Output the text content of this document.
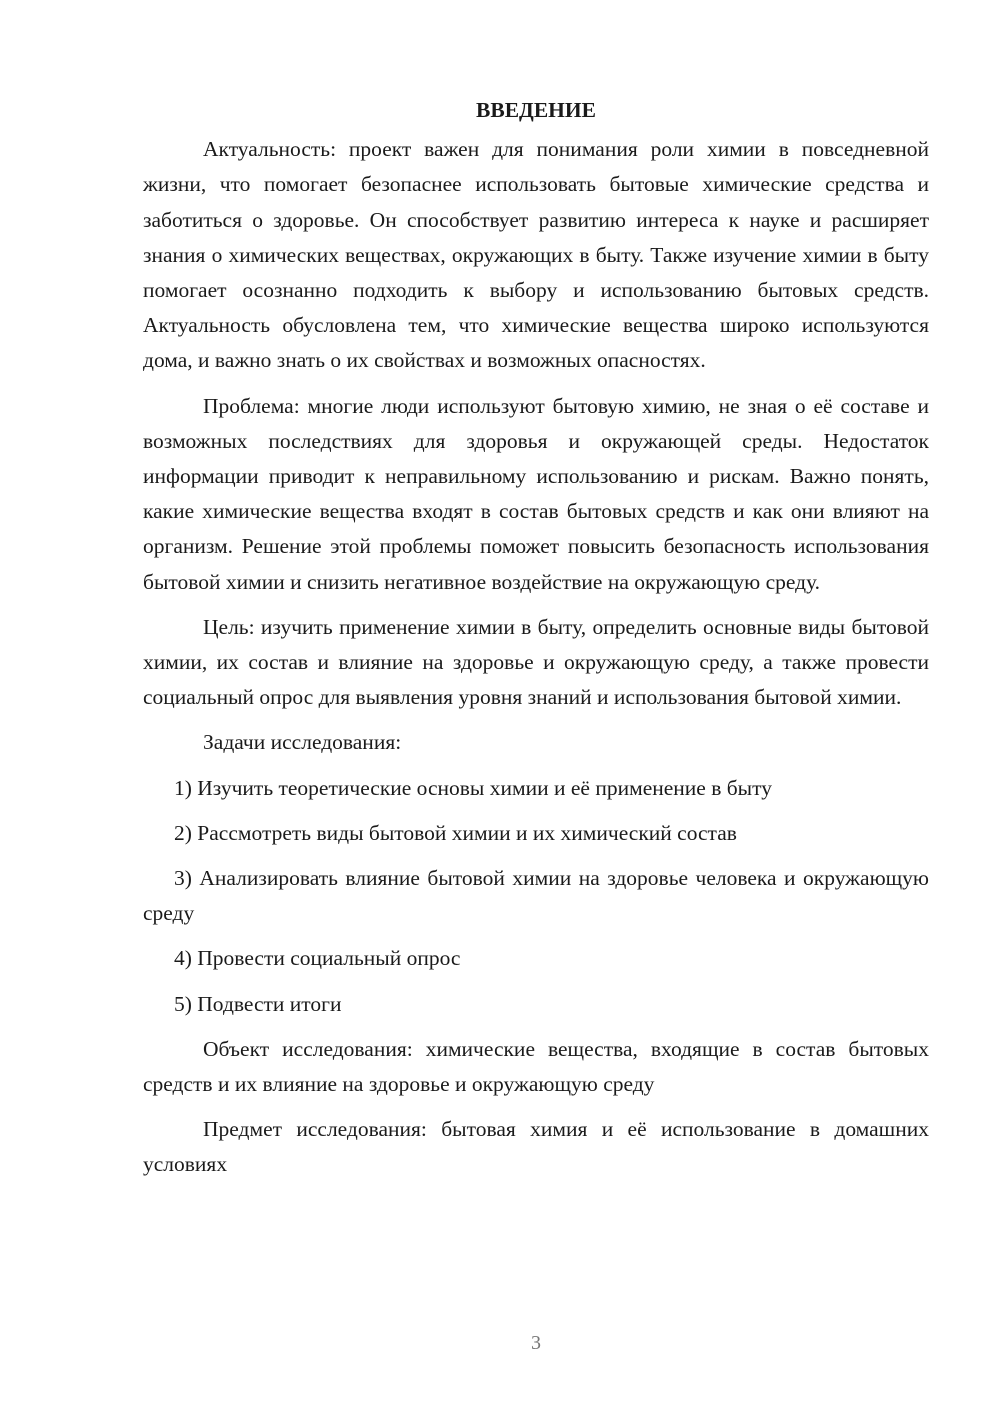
ВВЕДЕНИЕ

Актуальность: проект важен для понимания роли химии в повседневной жизни, что помогает безопаснее использовать бытовые химические средства и заботиться о здоровье. Он способствует развитию интереса к науке и расширяет знания о химических веществах, окружающих в быту. Также изучение химии в быту помогает осознанно подходить к выбору и использованию бытовых средств. Актуальность обусловлена тем, что химические вещества широко используются дома, и важно знать о их свойствах и возможных опасностях.

Проблема: многие люди используют бытовую химию, не зная о её составе и возможных последствиях для здоровья и окружающей среды. Недостаток информации приводит к неправильному использованию и рискам. Важно понять, какие химические вещества входят в состав бытовых средств и как они влияют на организм. Решение этой проблемы поможет повысить безопасность использования бытовой химии и снизить негативное воздействие на окружающую среду.

Цель: изучить применение химии в быту, определить основные виды бытовой химии, их состав и влияние на здоровье и окружающую среду, а также провести социальный опрос для выявления уровня знаний и использования бытовой химии.

Задачи исследования:

1) Изучить теоретические основы химии и её применение в быту

2) Рассмотреть виды бытовой химии и их химический состав

3) Анализировать влияние бытовой химии на здоровье человека и окружающую среду

4) Провести социальный опрос

5) Подвести итоги

Объект исследования: химические вещества, входящие в состав бытовых средств и их влияние на здоровье и окружающую среду

Предмет исследования: бытовая химия и её использование в домашних условиях

3
